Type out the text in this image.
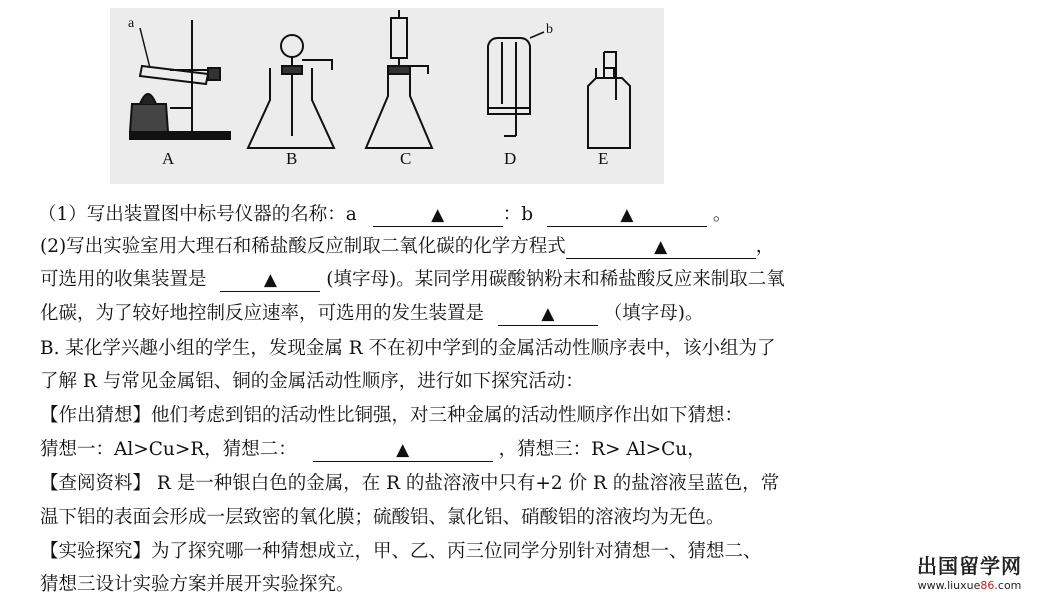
A	B	C	D	E
a	b
（1）写出装置图中标号仪器的名称：a	▲	：b	▲	。
(2)写出实验室用大理石和稀盐酸反应制取二氧化碳的化学方程式	▲	，
可选用的收集装置是	▲	(填字母)。某同学用碳酸钠粉末和稀盐酸反应来制取二氧
化碳，为了较好地控制反应速率，可选用的发生装置是	▲	（填字母)。
B. 某化学兴趣小组的学生，发现金属 R 不在初中学到的金属活动性顺序表中，该小组为了
了解 R 与常见金属铝、铜的金属活动性顺序，进行如下探究活动：
【作出猜想】他们考虑到铝的活动性比铜强，对三种金属的活动性顺序作出如下猜想：
猜想一：Al>Cu>R，猜想二：	▲	，猜想三：R> Al>Cu，
【查阅资料】 R 是一种银白色的金属，在 R 的盐溶液中只有+2 价 R 的盐溶液呈蓝色，常
温下铝的表面会形成一层致密的氧化膜；硫酸铝、氯化铝、硝酸铝的溶液均为无色。
【实验探究】为了探究哪一种猜想成立，甲、乙、丙三位同学分别针对猜想一、猜想二、
猜想三设计实验方案并展开实验探究。
出国留学网
www.liuxue86.com
